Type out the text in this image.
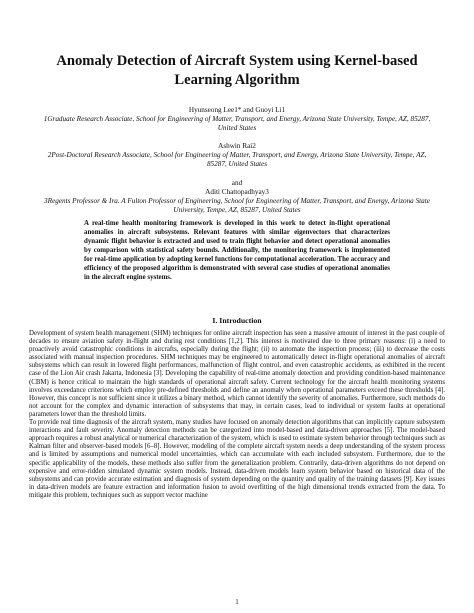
Anomaly Detection of Aircraft System using Kernel-based Learning Algorithm
Hyunseong Lee1* and Guoyi Li1
1Graduate Research Associate, School for Engineering of Matter, Transport, and Energy, Arizona State University, Tempe, AZ, 85287, United States
Ashwin Rai2
2Post-Doctoral Research Associate, School for Engineering of Matter, Transport, and Energy, Arizona State University, Tempe, AZ, 85287, United States
and
Aditi Chattopadhyay3
3Regents Professor & Ira. A Fulton Professor of Engineering, School for Engineering of Matter, Transport, and Energy, Arizona State University, Tempe, AZ, 85287, United States
A real-time health monitoring framework is developed in this work to detect in-flight operational anomalies in aircraft subsystems. Relevant features with similar eigenvectors that characterizes dynamic flight behavior is extracted and used to train flight behavior and detect operational anomalies by comparison with statistical safety bounds. Additionally, the monitoring framework is implemented for real-time application by adopting kernel functions for computational acceleration. The accuracy and efficiency of the proposed algorithm is demonstrated with several case studies of operational anomalies in the aircraft engine systems.
I. Introduction

Development of system health management (SHM) techniques for online aircraft inspection has seen a massive amount of interest in the past couple of decades to ensure aviation safety in-flight and during rest conditions [1,2]. This interest is motivated due to three primary reasons: (i) a need to proactively avoid catastrophic conditions in aircrafts, especially during the flight; (ii) to automate the inspection process; (iii) to decrease the costs associated with manual inspection procedures. SHM techniques may be engineered to automatically detect in-flight operational anomalies of aircraft subsystems which can result in lowered flight performances, malfunction of flight control, and even catastrophic accidents, as exhibited in the recent case of the Lion Air crash Jakarta, Indonesia [3]. Developing the capability of real-time anomaly detection and providing condition-based maintenance (CBM) is hence critical to maintain the high standards of operational aircraft safety. Current technology for the aircraft health monitoring systems involves exceedance criterions which employ pre-defined thresholds and define an anomaly when operational parameters exceed these thresholds [4]. However, this concept is not sufficient since it utilizes a binary method, which cannot identify the severity of anomalies. Furthermore, such methods do not account for the complex and dynamic interaction of subsystems that may, in certain cases, lead to individual or system faults at operational parameters lower than the threshold limits.

To provide real time diagnosis of the aircraft system, many studies have focused on anomaly detection algorithms that can implicitly capture subsystem interactions and fault severity. Anomaly detection methods can be categorized into model-based and data-driven approaches [5]. The model-based approach requires a robust analytical or numerical characterization of the system, which is used to estimate system behavior through techniques such as Kalman filter and observer-based models [6–8]. However, modeling of the complete aircraft system needs a deep understanding of the system process and is limited by assumptions and numerical model uncertainties, which can accumulate with each included subsystem. Furthermore, due to the specific applicability of the models, these methods also suffer from the generalization problem. Contrarily, data-driven algorithms do not depend on expensive and error-ridden simulated dynamic system models. Instead, data-driven models learn system behavior based on historical data of the subsystems and can provide accurate estimation and diagnosis of system depending on the quantity and quality of the training datasets [9]. Key issues in data-driven models are feature extraction and information fusion to avoid overfitting of the high dimensional trends extracted from the data. To mitigate this problem, techniques such as support vector machine

1
